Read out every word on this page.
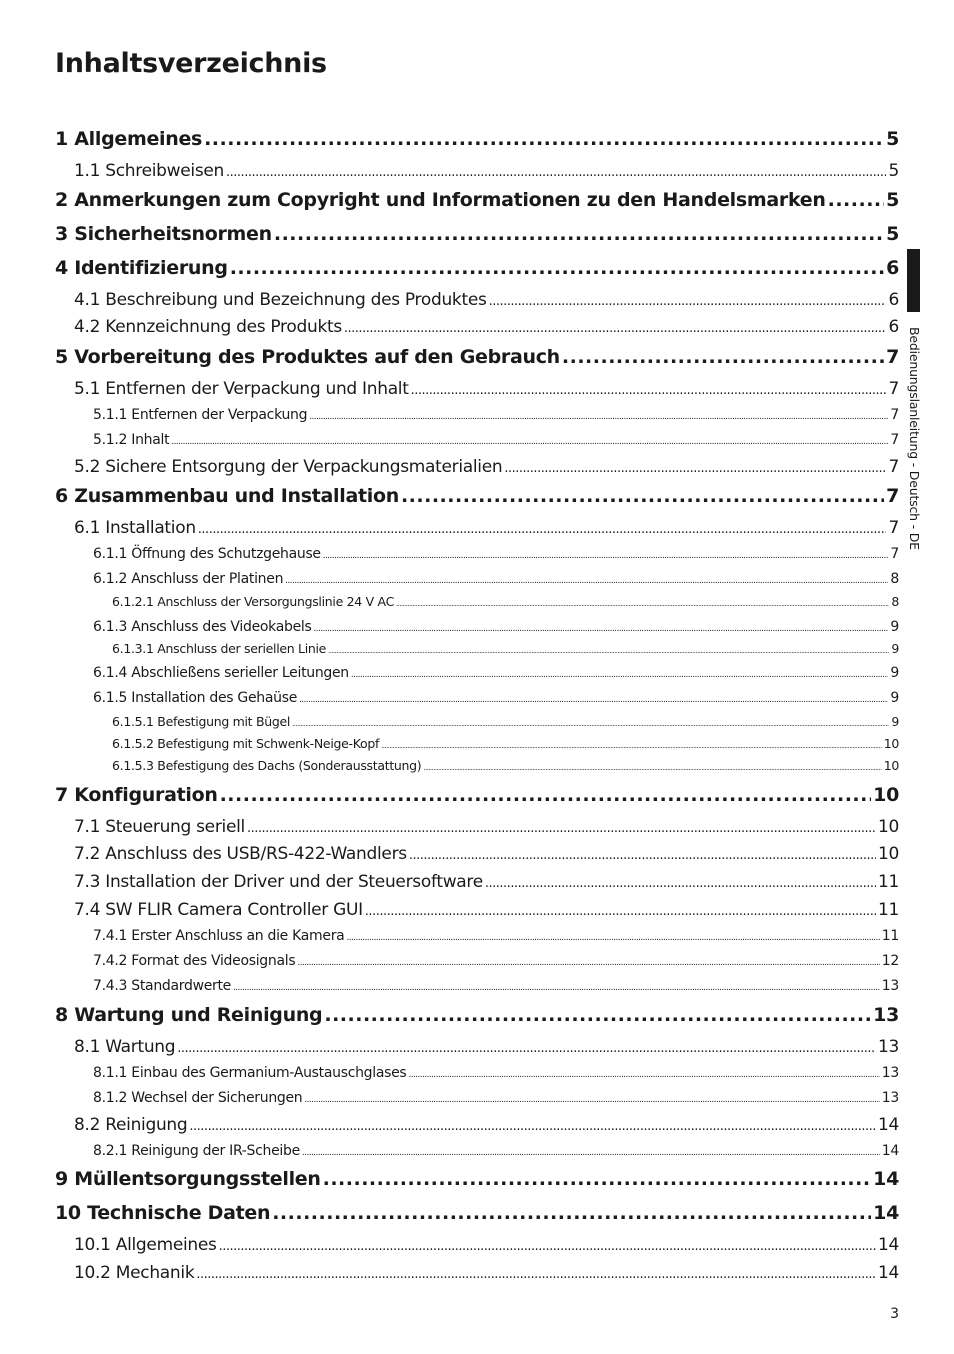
Inhaltsverzeichnis
1 Allgemeines .....	5
1.1 Schreibweisen .....	5
2 Anmerkungen zum Copyright und Informationen zu den Handelsmarken .....	5
3 Sicherheitsnormen .....	5
4 Identifizierung .....	6
4.1 Beschreibung und Bezeichnung des Produktes .....	6
4.2 Kennzeichnung des Produkts .....	6
5 Vorbereitung des Produktes auf den Gebrauch .....	7
5.1 Entfernen der Verpackung und Inhalt .....	7
5.1.1 Entfernen der Verpackung .....	7
5.1.2 Inhalt .....	7
5.2 Sichere Entsorgung der Verpackungsmaterialien .....	7
6 Zusammenbau und Installation .....	7
6.1 Installation .....	7
6.1.1 Öffnung des Schutzgehause .....	7
6.1.2 Anschluss der Platinen .....	8
6.1.2.1 Anschluss der Versorgungslinie 24 V AC .....	8
6.1.3 Anschluss des Videokabels .....	9
6.1.3.1 Anschluss der seriellen Linie .....	9
6.1.4 Abschließens serieller Leitungen .....	9
6.1.5 Installation des Gehaüse .....	9
6.1.5.1 Befestigung mit Bügel .....	9
6.1.5.2 Befestigung mit Schwenk-Neige-Kopf .....	10
6.1.5.3 Befestigung des Dachs (Sonderausstattung) .....	10
7 Konfiguration .....	10
7.1 Steuerung seriell .....	10
7.2 Anschluss des USB/RS-422-Wandlers .....	10
7.3 Installation der Driver und der Steuersoftware .....	11
7.4 SW FLIR Camera Controller GUI .....	11
7.4.1 Erster Anschluss an die Kamera .....	11
7.4.2 Format des Videosignals .....	12
7.4.3 Standardwerte .....	13
8 Wartung und Reinigung .....	13
8.1 Wartung .....	13
8.1.1 Einbau des Germanium-Austauschglases .....	13
8.1.2 Wechsel der Sicherungen .....	13
8.2 Reinigung .....	14
8.2.1 Reinigung der IR-Scheibe .....	14
9 Müllentsorgungsstellen .....	14
10 Technische Daten .....	14
10.1 Allgemeines .....	14
10.2 Mechanik .....	14
Bedienungslanleitung - Deutsch - DE
3
